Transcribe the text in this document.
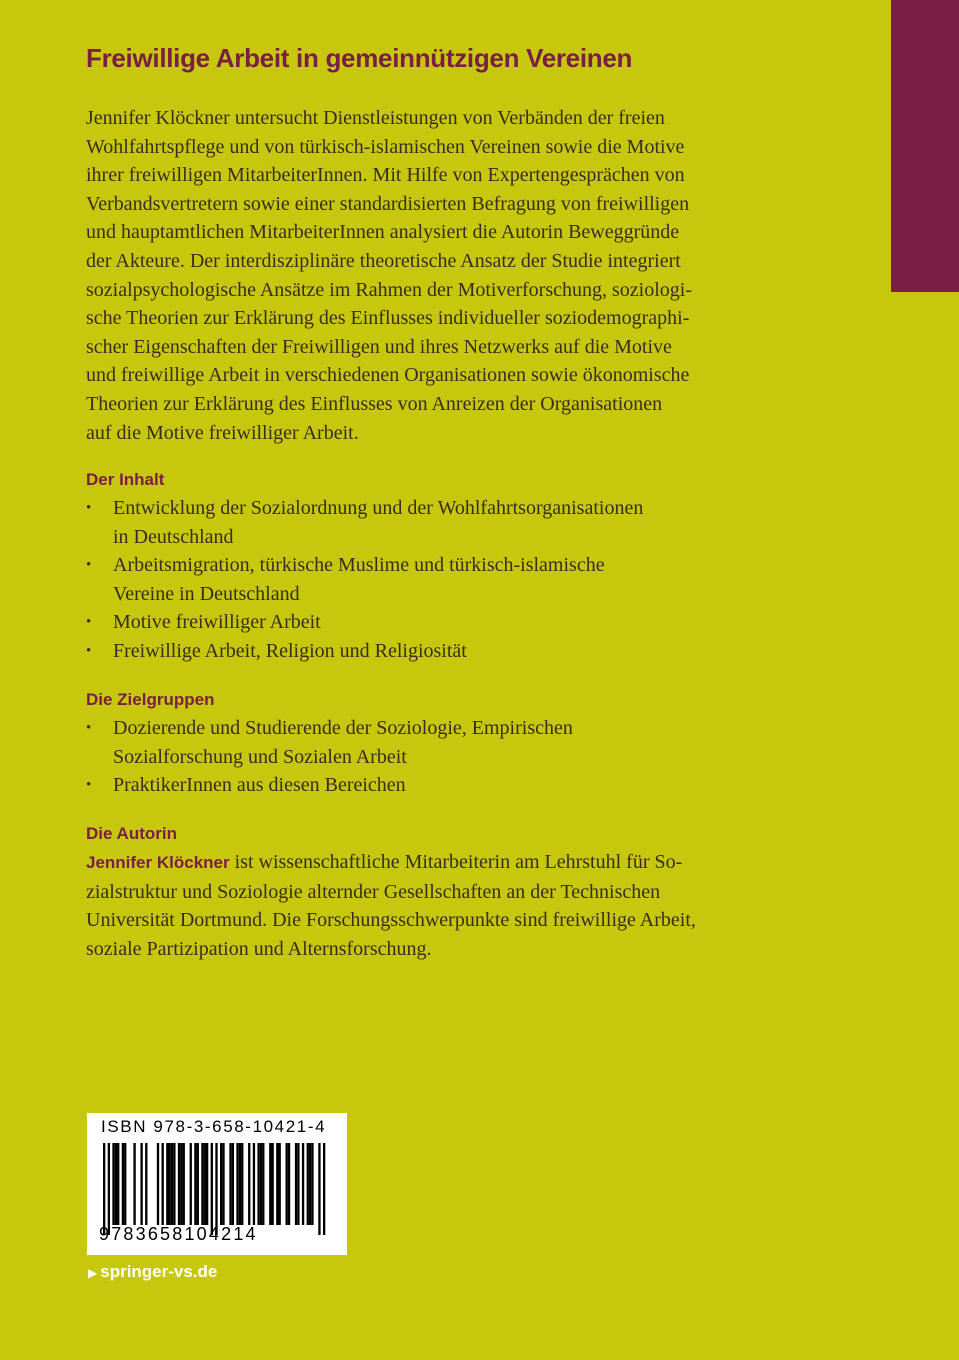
Freiwillige Arbeit in gemeinnützigen Vereinen

Jennifer Klöckner untersucht Dienstleistungen von Verbänden der freien
Wohlfahrtspflege und von türkisch-islamischen Vereinen sowie die Motive
ihrer freiwilligen MitarbeiterInnen. Mit Hilfe von Expertengesprächen von
Verbandsvertretern sowie einer standardisierten Befragung von freiwilligen
und hauptamtlichen MitarbeiterInnen analysiert die Autorin Beweggründe
der Akteure. Der interdisziplinäre theoretische Ansatz der Studie integriert
sozialpsychologische Ansätze im Rahmen der Motiverforschung, soziologi-
sche Theorien zur Erklärung des Einflusses individueller soziodemographi-
scher Eigenschaften der Freiwilligen und ihres Netzwerks auf die Motive
und freiwillige Arbeit in verschiedenen Organisationen sowie ökonomische
Theorien zur Erklärung des Einflusses von Anreizen der Organisationen
auf die Motive freiwilliger Arbeit.

Der Inhalt
• Entwicklung der Sozialordnung und der Wohlfahrtsorganisationen
in Deutschland
• Arbeitsmigration, türkische Muslime und türkisch-islamische
Vereine in Deutschland
• Motive freiwilliger Arbeit
• Freiwillige Arbeit, Religion und Religiosität
Die Zielgruppen
• Dozierende und Studierende der Soziologie, Empirischen
Sozialforschung und Sozialen Arbeit
• PraktikerInnen aus diesen Bereichen
Die Autorin

Jennifer Klöckner ist wissenschaftliche Mitarbeiterin am Lehrstuhl für So-
zialstruktur und Soziologie alternder Gesellschaften an der Technischen
Universität Dortmund. Die Forschungsschwerpunkte sind freiwillige Arbeit,
soziale Partizipation und Alternsforschung.

ISBN 978-3-658-10421-4
9783658104214
▶ springer-vs.de
